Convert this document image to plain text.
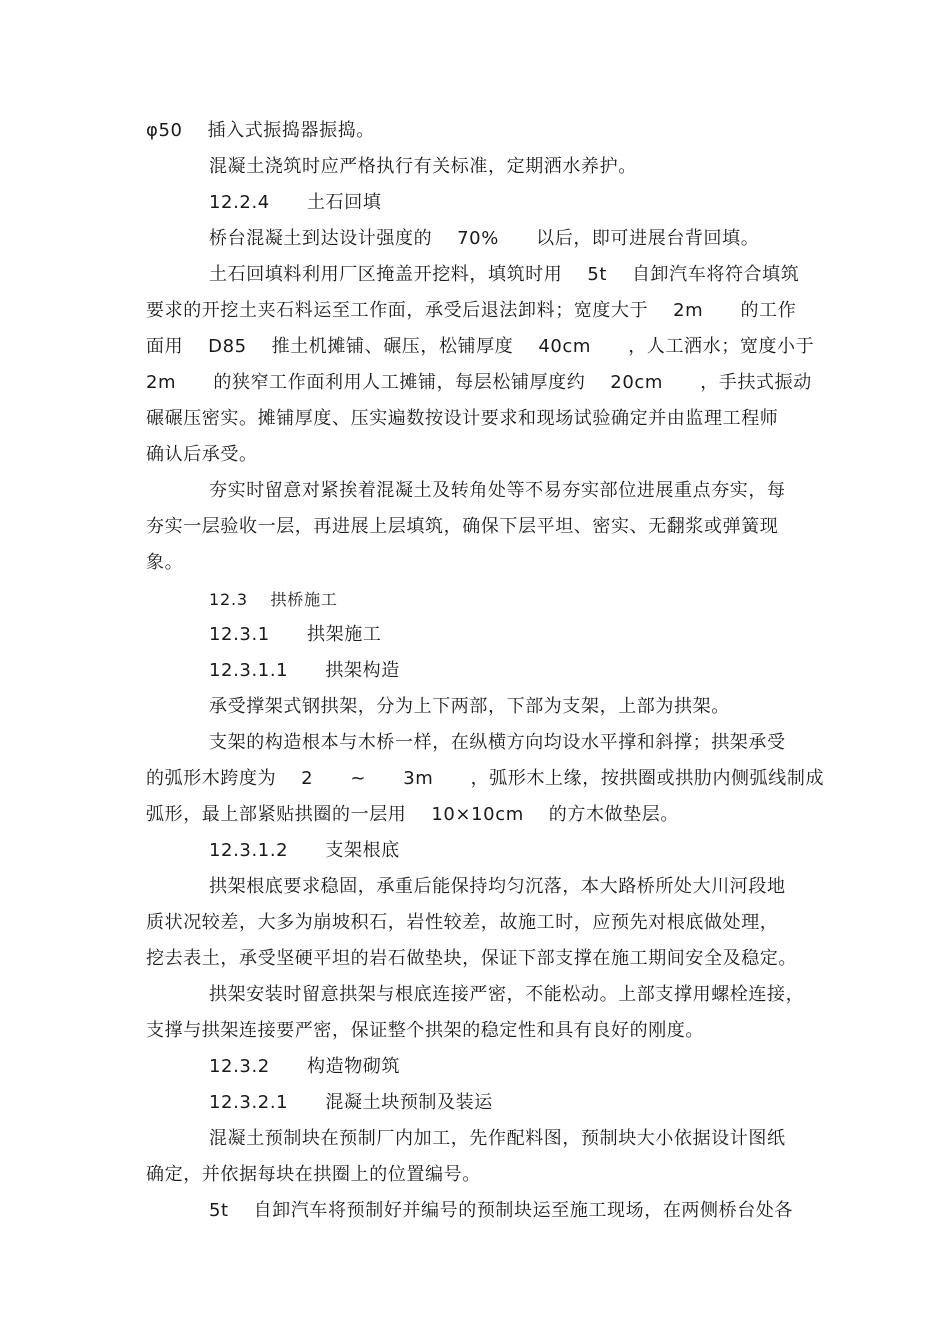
φ50　 插入式振捣器振捣。
混凝土浇筑时应严格执行有关标准，定期洒水养护。
12.2.4　　土石回填
桥台混凝土到达设计强度的　 70%　　以后，即可进展台背回填。
土石回填料利用厂区掩盖开挖料，填筑时用　 5t　 自卸汽车将符合填筑
要求的开挖土夹石料运至工作面，承受后退法卸料；宽度大于　 2m　　的工作
面用　 D85　 推土机摊铺、碾压，松铺厚度　 40cm　　，人工洒水；宽度小于
2m　　的狭窄工作面利用人工摊铺，每层松铺厚度约　 20cm　　，手扶式振动
碾碾压密实。摊铺厚度、压实遍数按设计要求和现场试验确定并由监理工程师
确认后承受。
夯实时留意对紧挨着混凝土及转角处等不易夯实部位进展重点夯实，每
夯实一层验收一层，再进展上层填筑，确保下层平坦、密实、无翻浆或弹簧现
象。
12.3　 拱桥施工
12.3.1　　拱架施工
12.3.1.1　　拱架构造
承受撑架式钢拱架，分为上下两部，下部为支架，上部为拱架。
支架的构造根本与木桥一样，在纵横方向均设水平撑和斜撑；拱架承受
的弧形木跨度为　 2　　~　　3m　　，弧形木上缘，按拱圈或拱肋内侧弧线制成
弧形，最上部紧贴拱圈的一层用　 10×10cm　 的方木做垫层。
12.3.1.2　　支架根底
拱架根底要求稳固，承重后能保持均匀沉落，本大路桥所处大川河段地
质状况较差，大多为崩坡积石，岩性较差，故施工时，应预先对根底做处理，
挖去表土，承受坚硬平坦的岩石做垫块，保证下部支撑在施工期间安全及稳定。
拱架安装时留意拱架与根底连接严密，不能松动。上部支撑用螺栓连接，
支撑与拱架连接要严密，保证整个拱架的稳定性和具有良好的刚度。
12.3.2　　构造物砌筑
12.3.2.1　　混凝土块预制及装运
混凝土预制块在预制厂内加工，先作配料图，预制块大小依据设计图纸
确定，并依据每块在拱圈上的位置编号。
5t　 自卸汽车将预制好并编号的预制块运至施工现场，在两侧桥台处各
